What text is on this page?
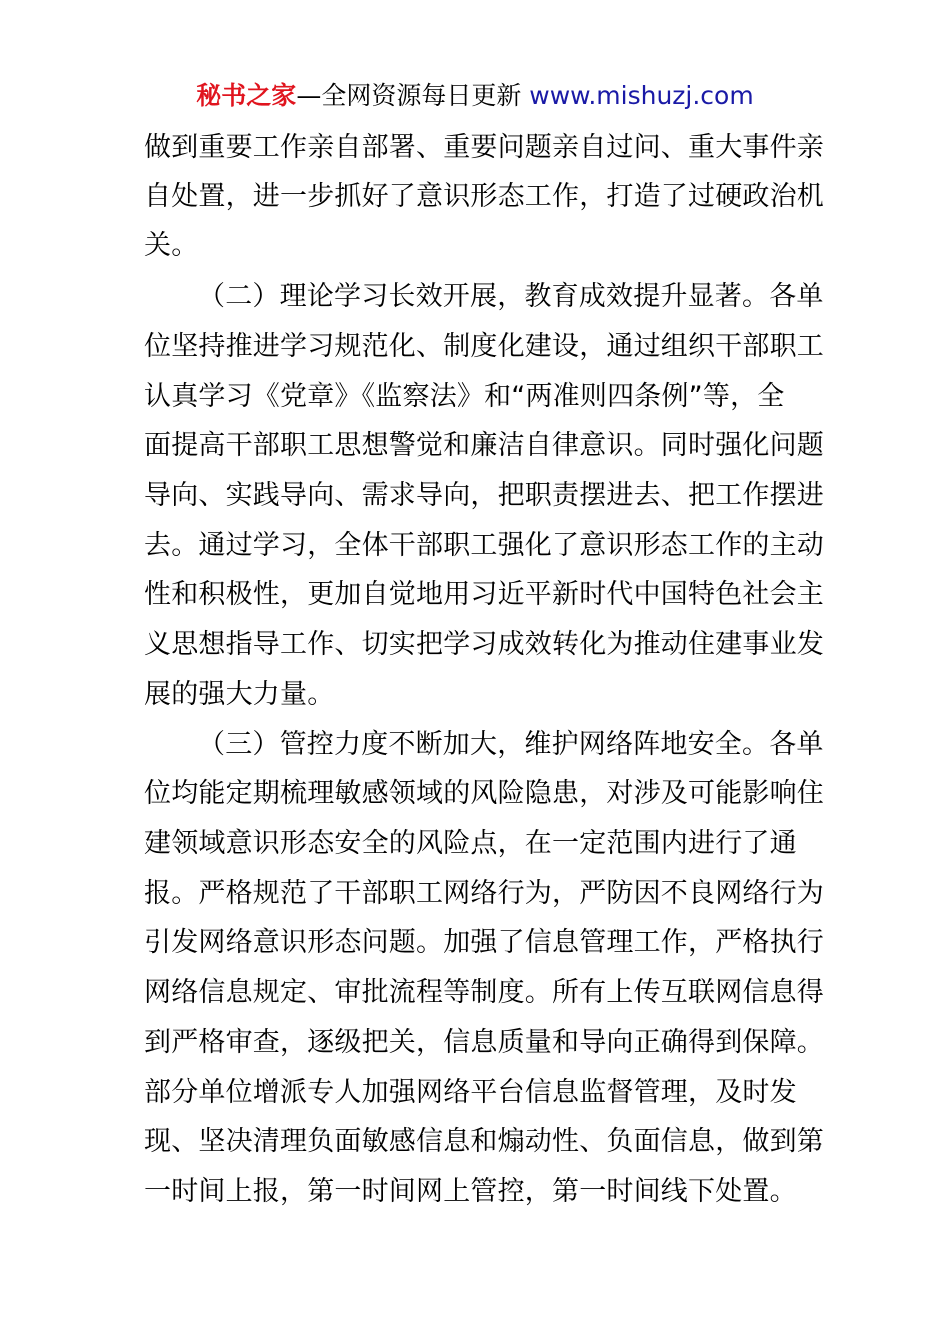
秘书之家—全网资源每日更新 www.mishuzj.com
做到重要工作亲自部署、重要问题亲自过问、重大事件亲
自处置，进一步抓好了意识形态工作，打造了过硬政治机
关。
（二）理论学习长效开展，教育成效提升显著。各单
位坚持推进学习规范化、制度化建设，通过组织干部职工
认真学习《党章》《监察法》和“两准则四条例”等，全
面提高干部职工思想警觉和廉洁自律意识。同时强化问题
导向、实践导向、需求导向，把职责摆进去、把工作摆进
去。通过学习，全体干部职工强化了意识形态工作的主动
性和积极性，更加自觉地用习近平新时代中国特色社会主
义思想指导工作、切实把学习成效转化为推动住建事业发
展的强大力量。
（三）管控力度不断加大，维护网络阵地安全。各单
位均能定期梳理敏感领域的风险隐患，对涉及可能影响住
建领域意识形态安全的风险点，在一定范围内进行了通
报。严格规范了干部职工网络行为，严防因不良网络行为
引发网络意识形态问题。加强了信息管理工作，严格执行
网络信息规定、审批流程等制度。所有上传互联网信息得
到严格审查，逐级把关，信息质量和导向正确得到保障。
部分单位增派专人加强网络平台信息监督管理，及时发
现、坚决清理负面敏感信息和煽动性、负面信息，做到第
一时间上报，第一时间网上管控，第一时间线下处置。
